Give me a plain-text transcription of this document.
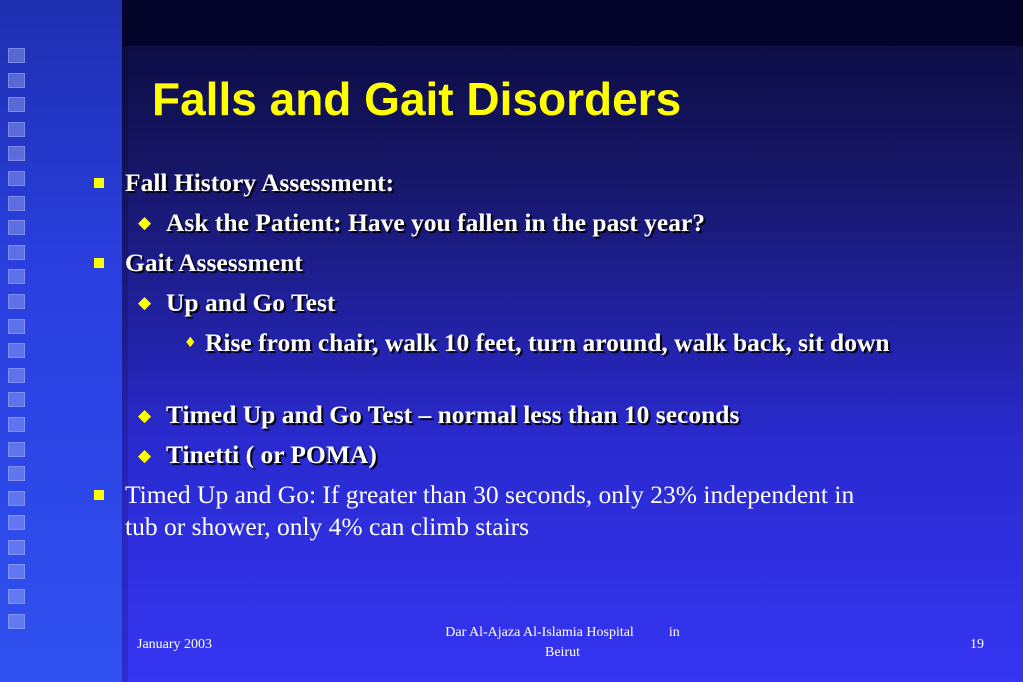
Falls and Gait Disorders
Fall History Assessment:
◆ Ask the Patient: Have you fallen in the past year?
Gait Assessment
◆ Up and Go Test
♦ Rise from chair, walk 10 feet, turn around, walk back, sit down
◆ Timed Up and Go Test – normal less than 10 seconds
◆ Tinetti ( or POMA)
Timed Up and Go: If greater than 30 seconds, only 23% independent in tub or shower, only 4% can climb stairs
January 2003
Dar Al-Ajaza Al-Islamia Hospital          in
Beirut
19
